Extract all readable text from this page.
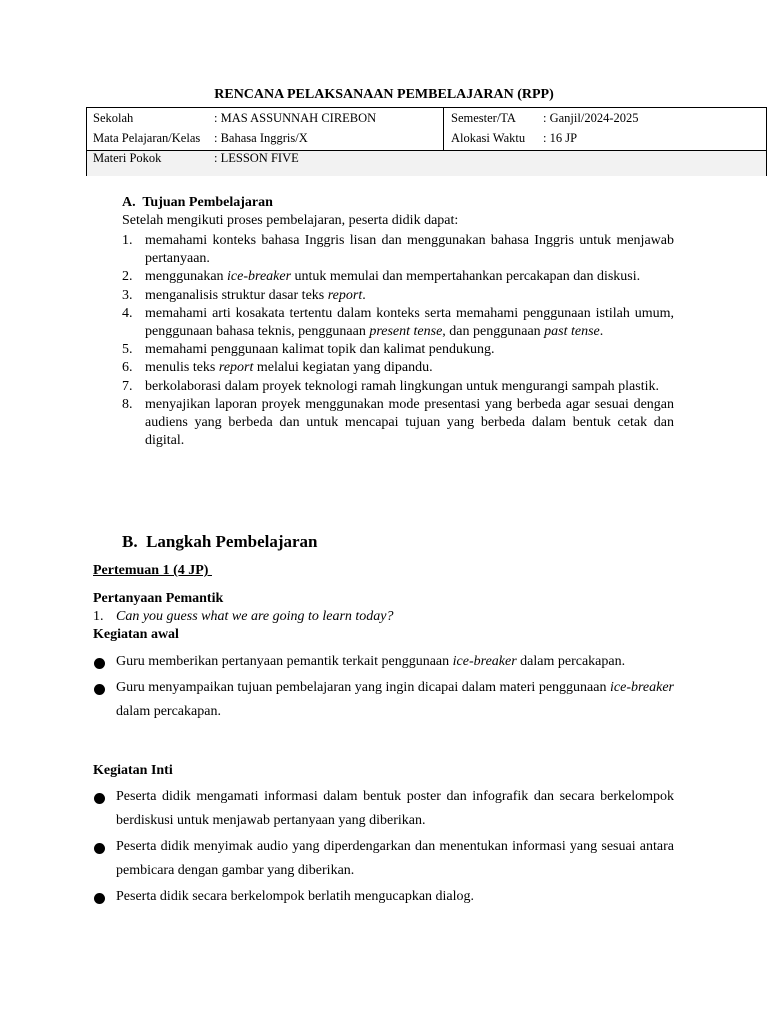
RENCANA PELAKSANAAN PEMBELAJARAN (RPP)
Sekolah	: MAS ASSUNNAH CIREBON
Mata Pelajaran/Kelas : Bahasa Inggris/X
Semester/TA : Ganjil/2024-2025
Alokasi Waktu : 16 JP
Materi Pokok	: LESSON FIVE
A.  Tujuan Pembelajaran
Setelah mengikuti proses pembelajaran, peserta didik dapat:
1. memahami konteks bahasa Inggris lisan dan menggunakan bahasa Inggris untuk menjawab pertanyaan.
2. menggunakan ice-breaker untuk memulai dan mempertahankan percakapan dan diskusi.
3. menganalisis struktur dasar teks report.
4. memahami arti kosakata tertentu dalam konteks serta memahami penggunaan istilah umum, penggunaan bahasa teknis, penggunaan present tense, dan penggunaan past tense.
5. memahami penggunaan kalimat topik dan kalimat pendukung.
6. menulis teks report melalui kegiatan yang dipandu.
7. berkolaborasi dalam proyek teknologi ramah lingkungan untuk mengurangi sampah plastik.
8. menyajikan laporan proyek menggunakan mode presentasi yang berbeda agar sesuai dengan audiens yang berbeda dan untuk mencapai tujuan yang berbeda dalam bentuk cetak dan digital.
B.  Langkah Pembelajaran
Pertemuan 1 (4 JP)
Pertanyaan Pemantik
1. Can you guess what we are going to learn today?
Kegiatan awal
Guru memberikan pertanyaan pemantik terkait penggunaan ice-breaker dalam percakapan.
Guru menyampaikan tujuan pembelajaran yang ingin dicapai dalam materi penggunaan ice-breaker dalam percakapan.
Kegiatan Inti
Peserta didik mengamati informasi dalam bentuk poster dan infografik dan secara berkelompok berdiskusi untuk menjawab pertanyaan yang diberikan.
Peserta didik menyimak audio yang diperdengarkan dan menentukan informasi yang sesuai antara pembicara dengan gambar yang diberikan.
Peserta didik secara berkelompok berlatih mengucapkan dialog.
